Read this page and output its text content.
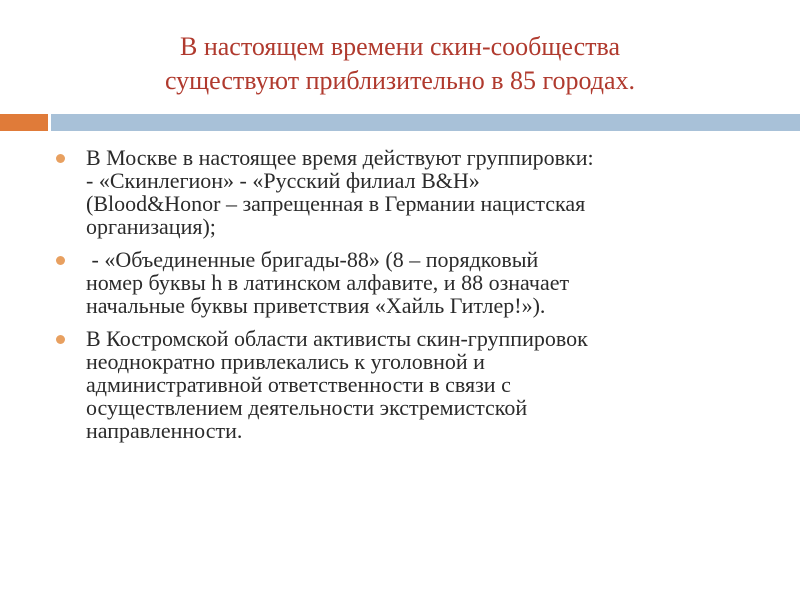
В настоящем времени скин-сообщества
существуют приблизительно в 85 городах.
В Москве в настоящее время действуют группировки:
- «Скинлегион» - «Русский филиал B&H»
(Blood&Honor – запрещенная в Германии нацистская
организация);
- «Объединенные бригады-88» (8 – порядковый
номер буквы h в латинском алфавите, и 88 означает
начальные буквы приветствия «Хайль Гитлер!»).
В Костромской области активисты скин-группировок
неоднократно привлекались к уголовной и
административной ответственности в связи с
осуществлением деятельности экстремистской
направленности.
